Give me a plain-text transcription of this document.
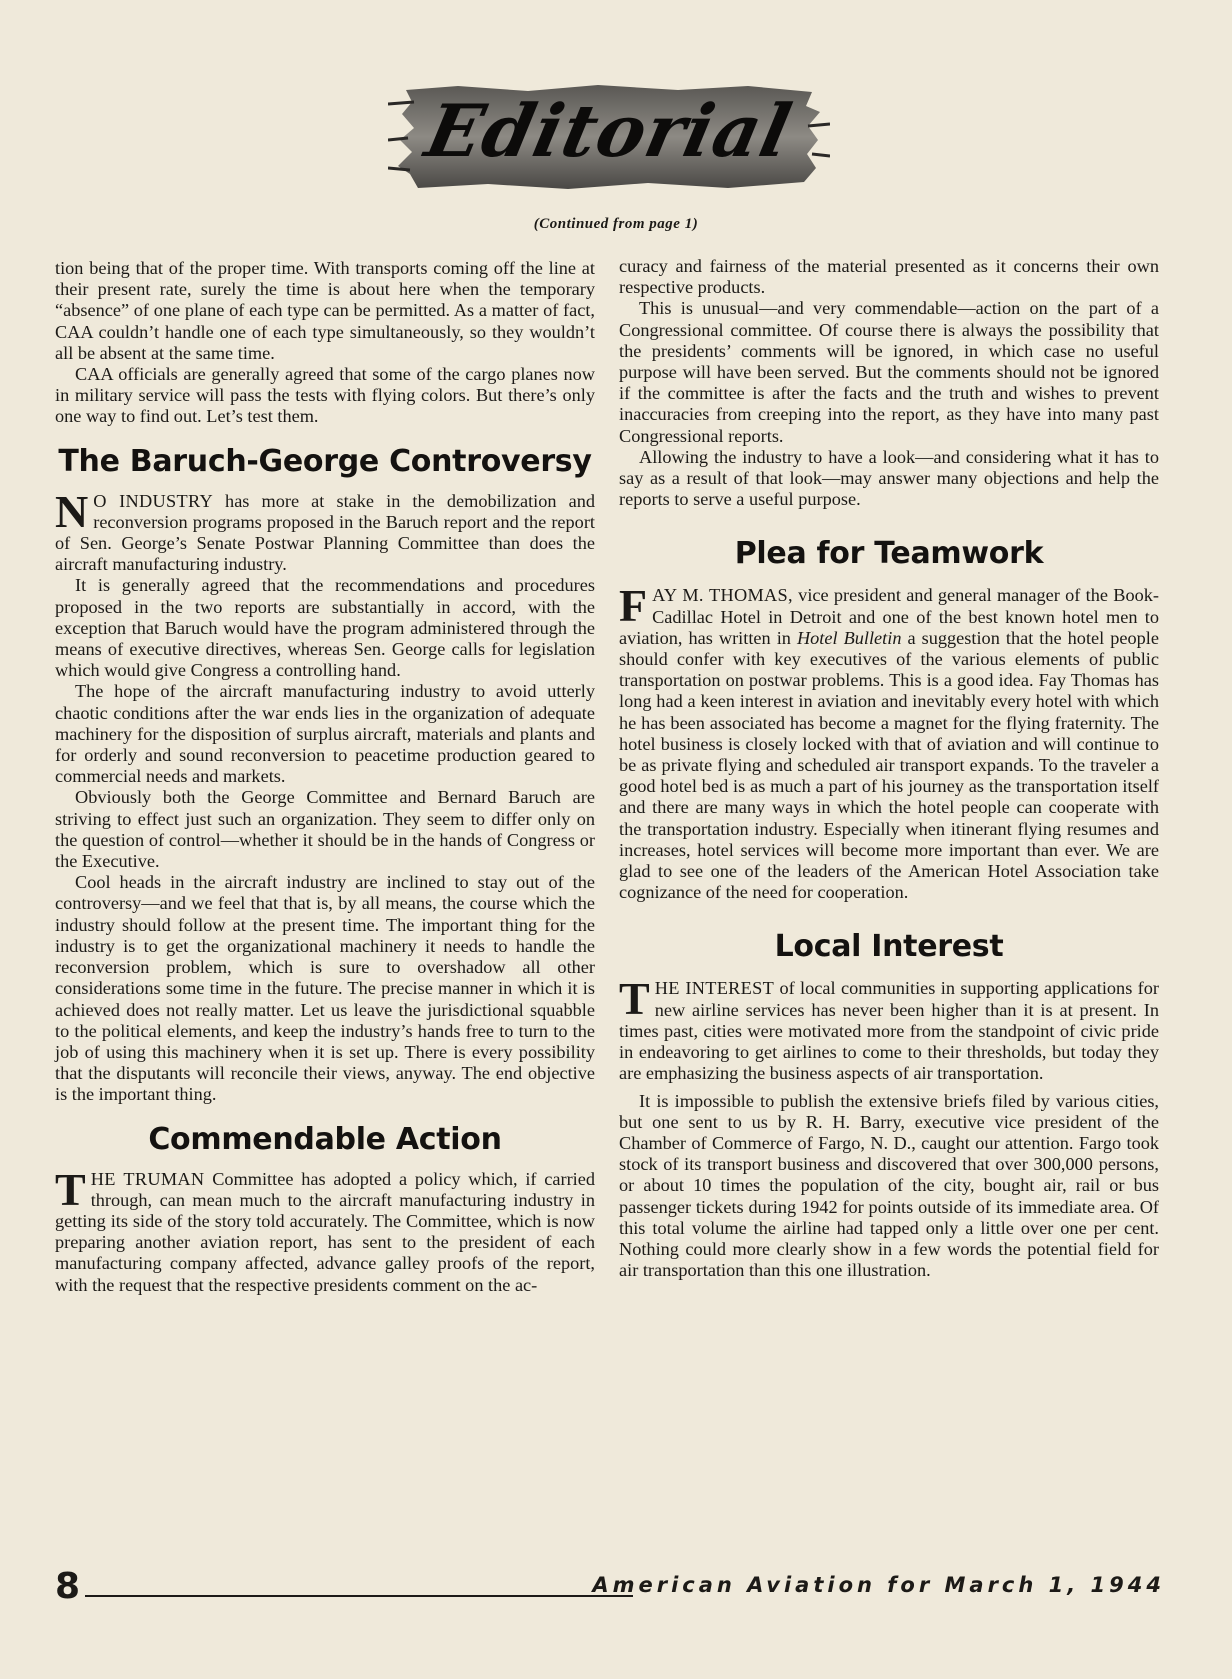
Editorial
(Continued from page 1)

tion being that of the proper time. With transports coming off the line at their present rate, surely the time is about here when the temporary “absence” of one plane of each type can be permitted. As a matter of fact, CAA couldn’t handle one of each type simultaneously, so they wouldn’t all be absent at the same time.

CAA officials are generally agreed that some of the cargo planes now in military service will pass the tests with flying colors. But there’s only one way to find out. Let’s test them.

The Baruch-George Controversy

N O INDUSTRY has more at stake in the demobilization and reconversion programs proposed in the Baruch report and the report of Sen. George’s Senate Postwar Planning Committee than does the aircraft manufacturing industry.

It is generally agreed that the recommendations and procedures proposed in the two reports are substantially in accord, with the exception that Baruch would have the program administered through the means of executive directives, whereas Sen. George calls for legislation which would give Congress a controlling hand.

The hope of the aircraft manufacturing industry to avoid utterly chaotic conditions after the war ends lies in the organization of adequate machinery for the disposition of surplus aircraft, materials and plants and for orderly and sound reconversion to peacetime production geared to commercial needs and markets.

Obviously both the George Committee and Bernard Baruch are striving to effect just such an organization. They seem to differ only on the question of control—whether it should be in the hands of Congress or the Executive.

Cool heads in the aircraft industry are inclined to stay out of the controversy—and we feel that that is, by all means, the course which the industry should follow at the present time. The important thing for the industry is to get the organizational machinery it needs to handle the reconversion problem, which is sure to overshadow all other considerations some time in the future. The precise manner in which it is achieved does not really matter. Let us leave the jurisdictional squabble to the political elements, and keep the industry’s hands free to turn to the job of using this machinery when it is set up. There is every possibility that the disputants will reconcile their views, anyway. The end objective is the important thing.

Commendable Action

THE TRUMAN Committee has adopted a policy which, if carried through, can mean much to the aircraft manufacturing industry in getting its side of the story told accurately. The Committee, which is now preparing another aviation report, has sent to the president of each manufacturing company affected, advance galley proofs of the report, with the request that the respective presidents comment on the ac-

curacy and fairness of the material presented as it concerns their own respective products.

This is unusual—and very commendable—action on the part of a Congressional committee. Of course there is always the possibility that the presidents’ comments will be ignored, in which case no useful purpose will have been served. But the comments should not be ignored if the committee is after the facts and the truth and wishes to prevent inaccuracies from creeping into the report, as they have into many past Congressional reports.

Allowing the industry to have a look—and considering what it has to say as a result of that look—may answer many objections and help the reports to serve a useful purpose.

Plea for Teamwork

FAY M. THOMAS, vice president and general manager of the Book-Cadillac Hotel in Detroit and one of the best known hotel men to aviation, has written in Hotel Bulletin a suggestion that the hotel people should confer with key executives of the various elements of public transportation on postwar problems. This is a good idea. Fay Thomas has long had a keen interest in aviation and inevitably every hotel with which he has been associated has become a magnet for the flying fraternity. The hotel business is closely locked with that of aviation and will continue to be as private flying and scheduled air transport expands. To the traveler a good hotel bed is as much a part of his journey as the transportation itself and there are many ways in which the hotel people can cooperate with the transportation industry. Especially when itinerant flying resumes and increases, hotel services will become more important than ever. We are glad to see one of the leaders of the American Hotel Association take cognizance of the need for cooperation.

Local Interest

THE INTEREST of local communities in supporting applications for new airline services has never been higher than it is at present. In times past, cities were motivated more from the standpoint of civic pride in endeavoring to get airlines to come to their thresholds, but today they are emphasizing the business aspects of air transportation.

It is impossible to publish the extensive briefs filed by various cities, but one sent to us by R. H. Barry, executive vice president of the Chamber of Commerce of Fargo, N. D., caught our attention. Fargo took stock of its transport business and discovered that over 300,000 persons, or about 10 times the population of the city, bought air, rail or bus passenger tickets during 1942 for points outside of its immediate area. Of this total volume the airline had tapped only a little over one per cent. Nothing could more clearly show in a few words the potential field for air transportation than this one illustration.

8	American Aviation for March 1, 1944
